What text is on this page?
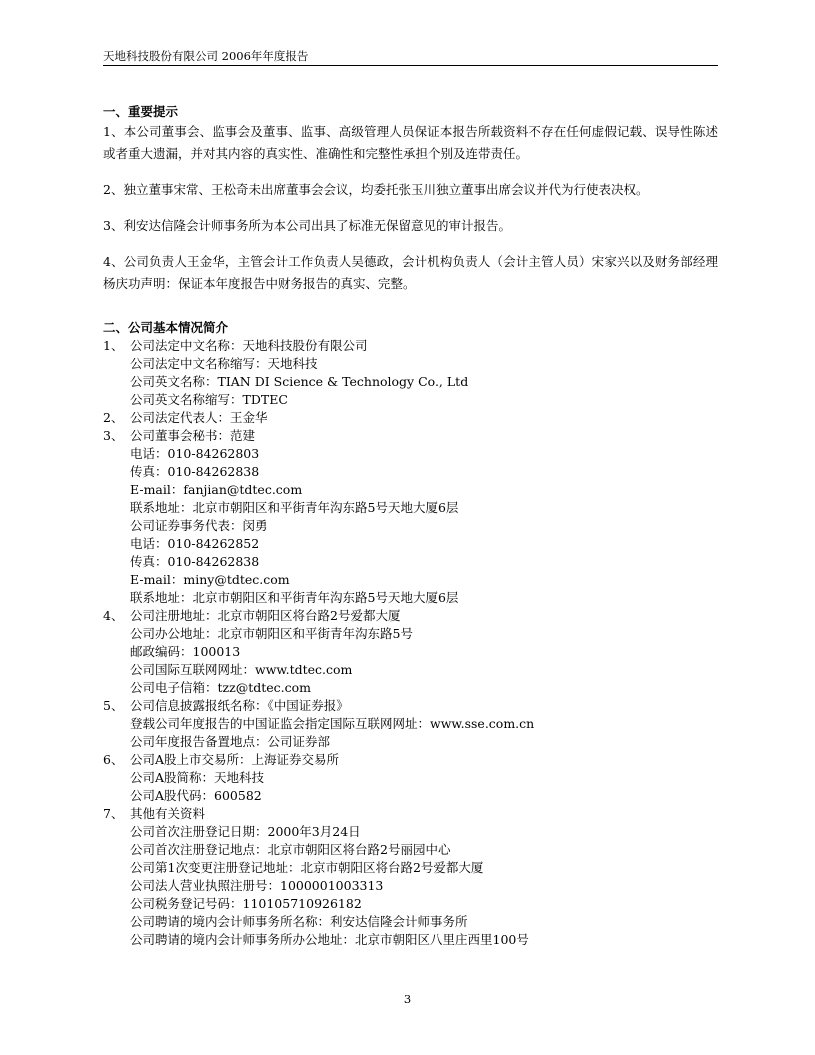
天地科技股份有限公司 2006年年度报告
一、重要提示

1、本公司董事会、监事会及董事、监事、高级管理人员保证本报告所载资料不存在任何虚假记载、误导性陈述或者重大遗漏，并对其内容的真实性、准确性和完整性承担个别及连带责任。

2、独立董事宋常、王松奇未出席董事会会议，均委托张玉川独立董事出席会议并代为行使表决权。

3、利安达信隆会计师事务所为本公司出具了标准无保留意见的审计报告。

4、公司负责人王金华，主管会计工作负责人吴德政，会计机构负责人（会计主管人员）宋家兴以及财务部经理杨庆功声明：保证本年度报告中财务报告的真实、完整。

二、公司基本情况简介
1、 公司法定中文名称：天地科技股份有限公司
公司法定中文名称缩写：天地科技
公司英文名称：TIAN DI Science & Technology Co., Ltd
公司英文名称缩写：TDTEC
2、 公司法定代表人：王金华
3、 公司董事会秘书：范建
电话：010-84262803
传真：010-84262838
E-mail：fanjian@tdtec.com
联系地址：北京市朝阳区和平街青年沟东路5号天地大厦6层
公司证券事务代表：闵勇
电话：010-84262852
传真：010-84262838
E-mail：miny@tdtec.com
联系地址：北京市朝阳区和平街青年沟东路5号天地大厦6层
4、 公司注册地址：北京市朝阳区将台路2号爱都大厦
公司办公地址：北京市朝阳区和平街青年沟东路5号
邮政编码：100013
公司国际互联网网址：www.tdtec.com
公司电子信箱：tzz@tdtec.com
5、 公司信息披露报纸名称：《中国证券报》
登载公司年度报告的中国证监会指定国际互联网网址：www.sse.com.cn
公司年度报告备置地点：公司证券部
6、 公司A股上市交易所：上海证券交易所
公司A股简称：天地科技
公司A股代码：600582
7、 其他有关资料
公司首次注册登记日期：2000年3月24日
公司首次注册登记地点：北京市朝阳区将台路2号丽园中心
公司第1次变更注册登记地址：北京市朝阳区将台路2号爱都大厦
公司法人营业执照注册号：1000001003313
公司税务登记号码：110105710926182
公司聘请的境内会计师事务所名称：利安达信隆会计师事务所
公司聘请的境内会计师事务所办公地址：北京市朝阳区八里庄西里100号
3
